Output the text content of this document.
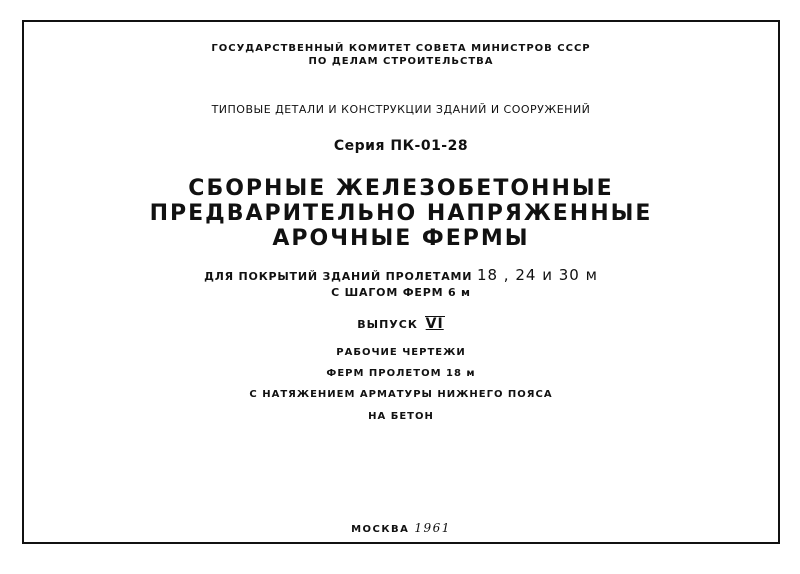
ГОСУДАРСТВЕННЫЙ КОМИТЕТ СОВЕТА МИНИСТРОВ СССР
ПО ДЕЛАМ СТРОИТЕЛЬСТВА
ТИПОВЫЕ ДЕТАЛИ И КОНСТРУКЦИИ ЗДАНИЙ И СООРУЖЕНИЙ
Серия ПК-01-28
СБОРНЫЕ ЖЕЛЕЗОБЕТОННЫЕ
ПРЕДВАРИТЕЛЬНО НАПРЯЖЕННЫЕ
АРОЧНЫЕ ФЕРМЫ
ДЛЯ ПОКРЫТИЙ ЗДАНИЙ ПРОЛЕТАМИ 18 , 24 и 30 м
С ШАГОМ ФЕРМ 6 м
ВЫПУСК VI
РАБОЧИЕ ЧЕРТЕЖИ
ФЕРМ ПРОЛЕТОМ 18 м
С НАТЯЖЕНИЕМ АРМАТУРЫ НИЖНЕГО ПОЯСА
НА БЕТОН
МОСКВА 1961
